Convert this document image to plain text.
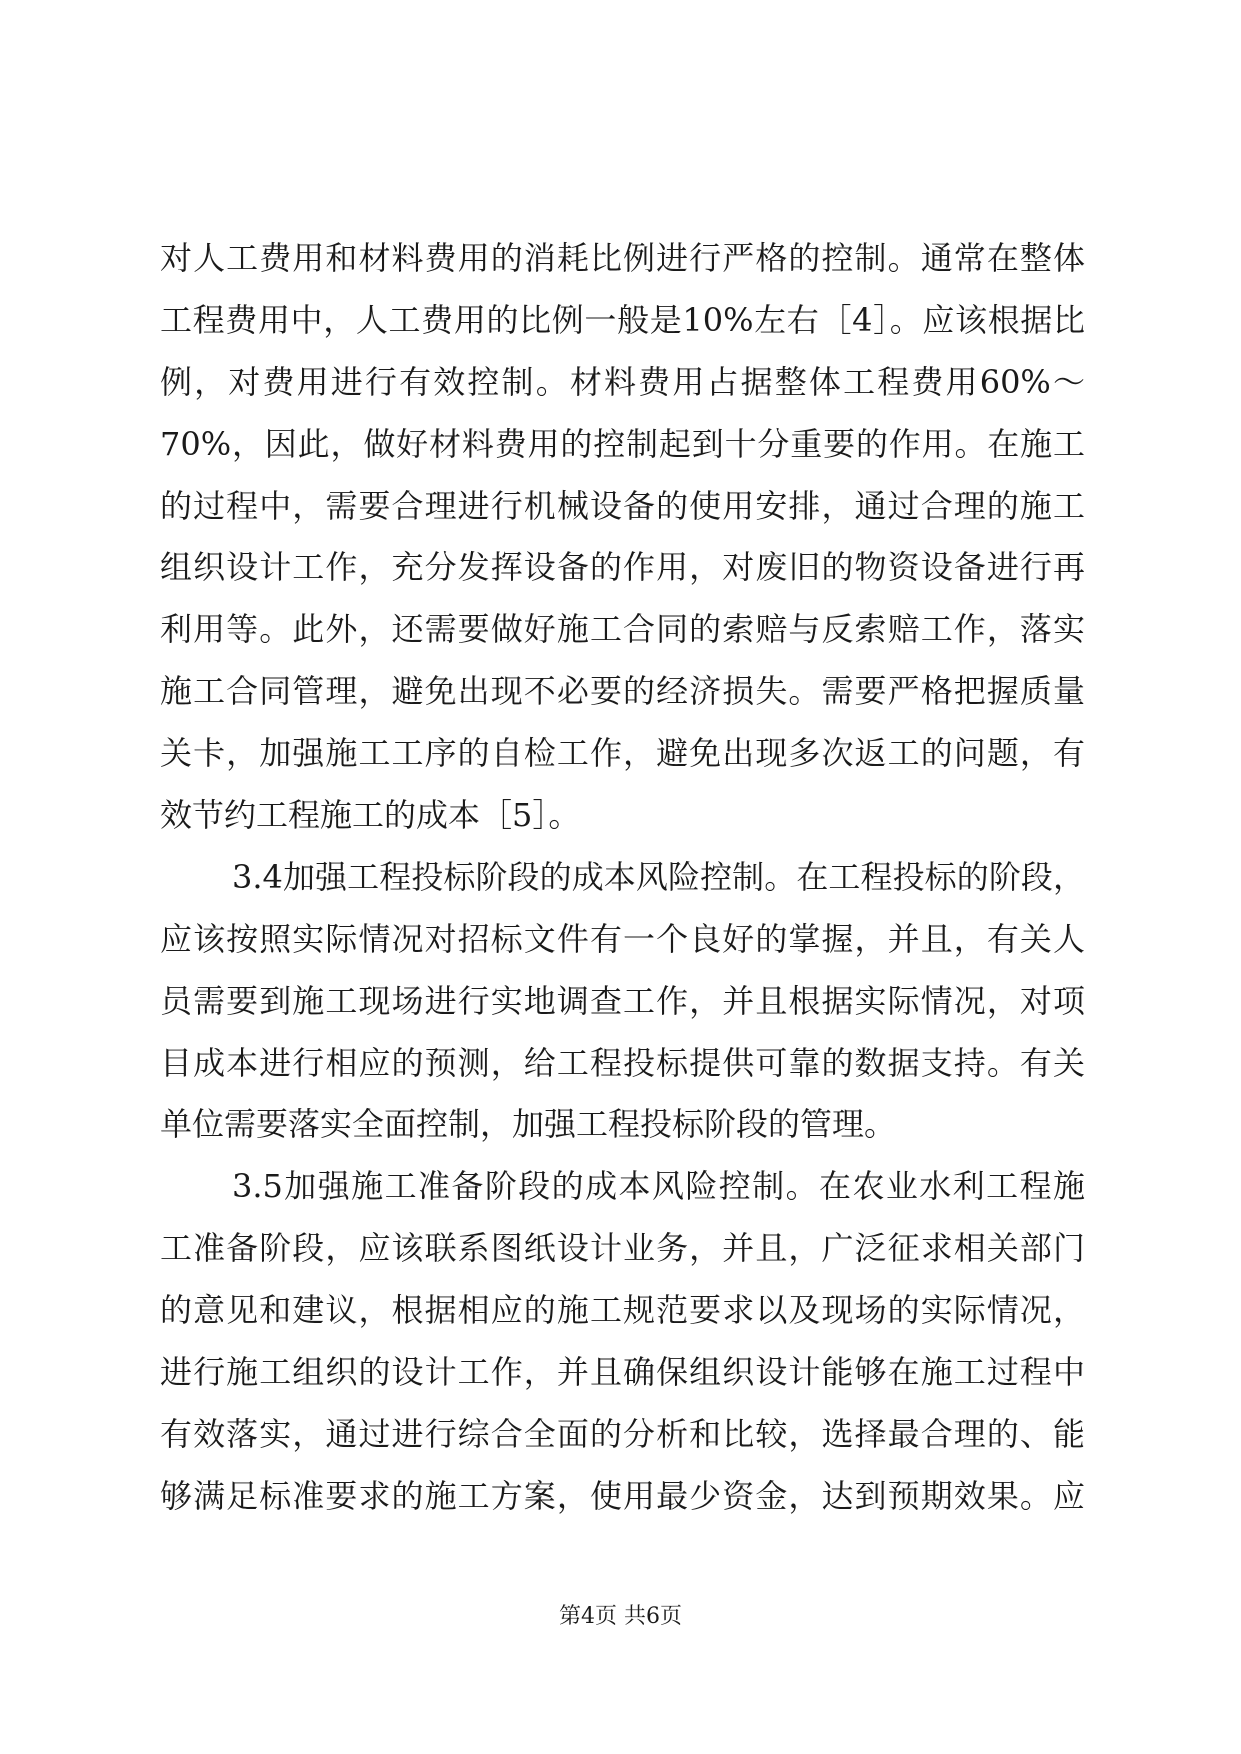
对人工费用和材料费用的消耗比例进行严格的控制。通常在整体
工程费用中，人工费用的比例一般是10%左右［4］。应该根据比
例，对费用进行有效控制。材料费用占据整体工程费用60%～
70%，因此，做好材料费用的控制起到十分重要的作用。在施工
的过程中，需要合理进行机械设备的使用安排，通过合理的施工
组织设计工作，充分发挥设备的作用，对废旧的物资设备进行再
利用等。此外，还需要做好施工合同的索赔与反索赔工作，落实
施工合同管理，避免出现不必要的经济损失。需要严格把握质量
关卡，加强施工工序的自检工作，避免出现多次返工的问题，有
效节约工程施工的成本［5］。
3.4加强工程投标阶段的成本风险控制。在工程投标的阶段，
应该按照实际情况对招标文件有一个良好的掌握，并且，有关人
员需要到施工现场进行实地调查工作，并且根据实际情况，对项
目成本进行相应的预测，给工程投标提供可靠的数据支持。有关
单位需要落实全面控制，加强工程投标阶段的管理。
3.5加强施工准备阶段的成本风险控制。在农业水利工程施
工准备阶段，应该联系图纸设计业务，并且，广泛征求相关部门
的意见和建议，根据相应的施工规范要求以及现场的实际情况，
进行施工组织的设计工作，并且确保组织设计能够在施工过程中
有效落实，通过进行综合全面的分析和比较，选择最合理的、能
够满足标准要求的施工方案，使用最少资金，达到预期效果。应
第4页 共6页
